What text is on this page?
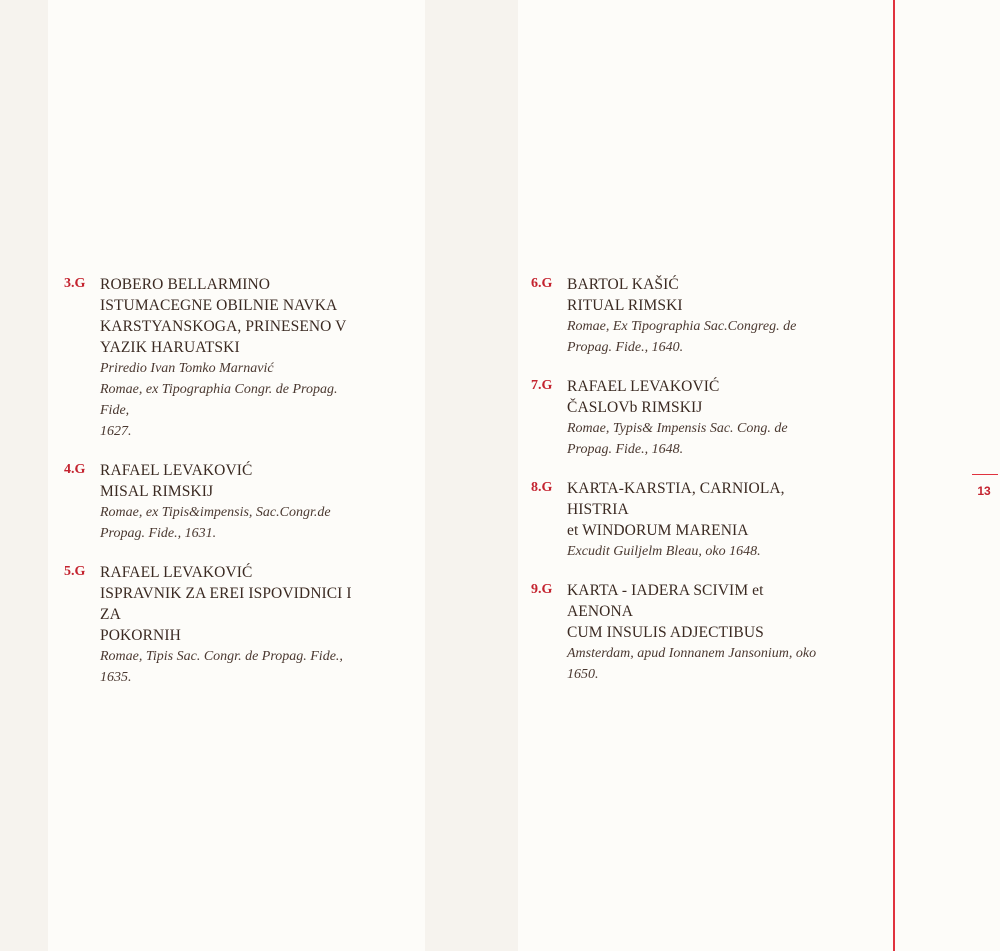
13
3.G ROBERO BELLARMINO
ISTUMACEGNE OBILNIE NAVKA
KARSTYANSKOGA, PRINESENO V
YAZIK HARUATSKI
Priredio Ivan Tomko Marnavić
Romae, ex Tipographia Congr. de Propag. Fide,
1627.
4.G RAFAEL LEVAKOVIĆ
MISAL RIMSKIJ
Romae, ex Tipis&impensis, Sac.Congr.de
Propag. Fide., 1631.
5.G RAFAEL LEVAKOVIĆ
ISPRAVNIK ZA EREI ISPOVIDNICI I ZA
POKORNIH
Romae, Tipis Sac. Congr. de Propag. Fide.,
1635.
6.G BARTOL KAŠIĆ
RITUAL RIMSKI
Romae, Ex Tipographia Sac.Congreg. de
Propag. Fide., 1640.
7.G RAFAEL LEVAKOVIĆ
ČASLOVb RIMSKIJ
Romae, Typis& Impensis Sac. Cong. de
Propag. Fide., 1648.
8.G KARTA-KARSTIA, CARNIOLA, HISTRIA
et WINDORUM MARENIA
Excudit Guiljelm Bleau, oko 1648.
9.G KARTA - IADERA SCIVIM et AENONA
CUM INSULIS ADJECTIBUS
Amsterdam, apud Ionnanem Jansonium, oko
1650.
